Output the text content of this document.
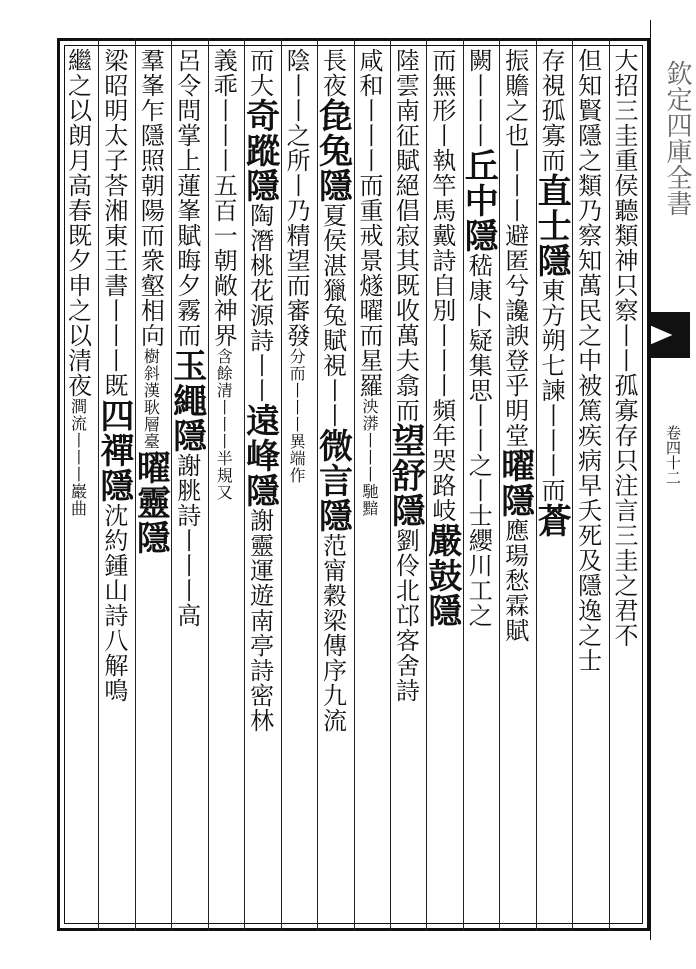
大招三圭重侯聽類神只察丨丨孤寡存只注言三圭之君不
但知賢隱之類乃察知萬民之中被篤疾病早夭死及隱逸之士
存視孤寡而直士隱東方朔七諫丨丨丨而蒼
振贍之也丨丨丨避匿兮讒諛登乎明堂曜隱應瑒愁霖賦
闕丨丨丨丘中隱嵇康卜疑集思丨丨之丨士纓川工之
而無形丨執竿馬戴詩自別丨丨丨頻年哭路岐嚴鼓隱
陸雲南征賦絕倡寂其既收萬夫翕而望舒隱劉伶北邙客舍詩
咸和丨丨丨而重戒景燧曜而星羅泱漭丨丨丨馳黯
長夜㲋兔隱夏侯湛獵兔賦視丨丨微言隱范甯穀梁傳序九流
陰丨丨之所丨乃精望而審發分而丨丨丨異端作
而大奇蹤隱陶潛桃花源詩丨丨遠峰隱謝靈運遊南亭詩密林
義乖丨丨丨五百一朝敞神界含餘清丨丨丨半規又
呂令問掌上蓮峯賦晦夕霧而玉繩隱謝脁詩丨丨丨高
羣峯乍隱照朝陽而衆壑相向樹斜漢耿層臺曜靈隱
梁昭明太子荅湘東王書丨丨丨既四禪隱沈約鍾山詩八解鳴
繼之以朗月高春既夕申之以清夜澗流丨丨丨巖曲
欽定四庫全書
卷四十二
